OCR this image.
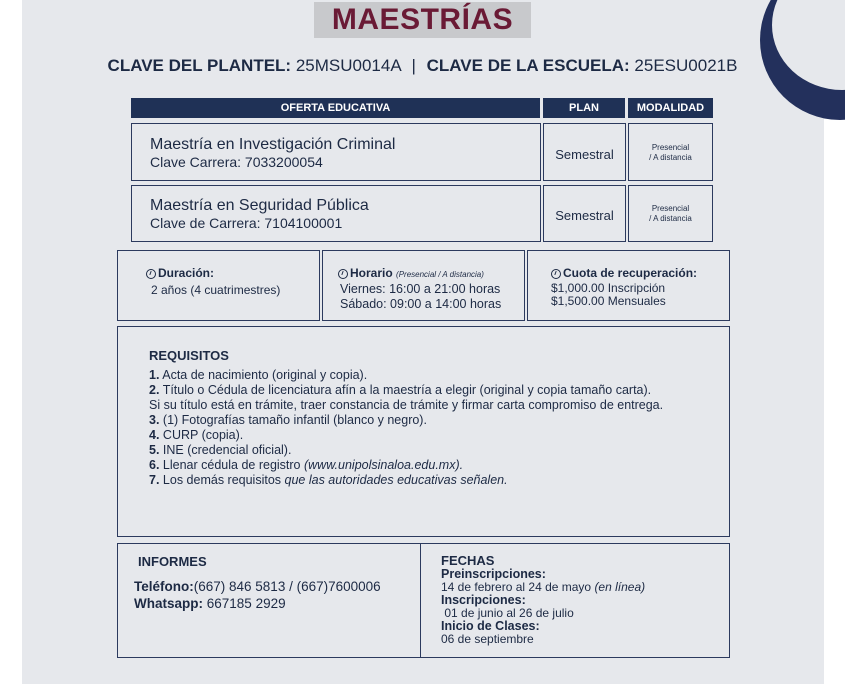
MAESTRÍAS
CLAVE DEL PLANTEL: 25MSU0014A | CLAVE DE LA ESCUELA: 25ESU0021B
OFERTA EDUCATIVA	PLAN	MODALIDAD
Maestría en Investigación Criminal
Clave Carrera: 7033200054	Semestral	Presencial
/ A distancia
Maestría en Seguridad Pública
Clave de Carrera: 7104100001	Semestral	Presencial
/ A distancia
Duración:
2 años (4 cuatrimestres)
Horario (Presencial / A distancia)
Viernes: 16:00 a 21:00 horas
Sábado: 09:00 a 14:00 horas
Cuota de recuperación:
$1,000.00 Inscripción
$1,500.00 Mensuales
REQUISITOS
1. Acta de nacimiento (original y copia).
2. Título o Cédula de licenciatura afín a la maestría a elegir (original y copia tamaño carta).
Si su título está en trámite, traer constancia de trámite y firmar carta compromiso de entrega.
3. (1) Fotografías tamaño infantil (blanco y negro).
4. CURP (copia).
5. INE (credencial oficial).
6. Llenar cédula de registro (www.unipolsinaloa.edu.mx).
7. Los demás requisitos que las autoridades educativas señalen.
INFORMES
Teléfono:(667) 846 5813 / (667)7600006
Whatsapp: 667185 2929
FECHAS
Preinscripciones:
14 de febrero al 24 de mayo (en línea)
Inscripciones:
01 de junio al 26 de julio
Inicio de Clases:
06 de septiembre
